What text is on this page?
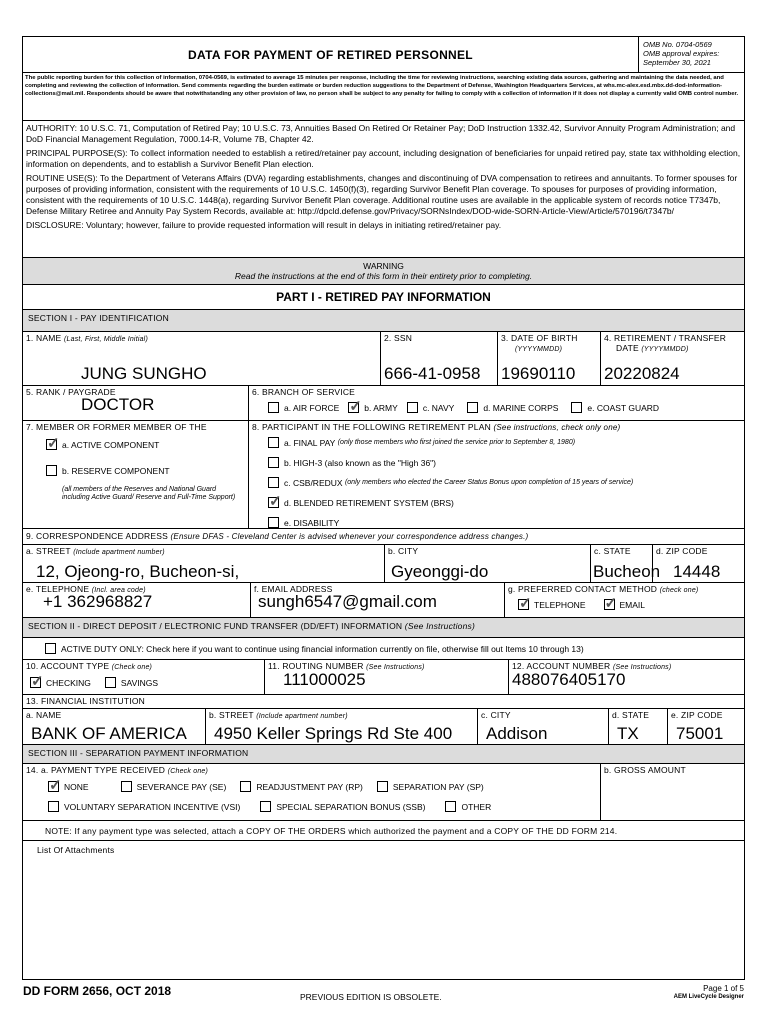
DATA FOR PAYMENT OF RETIRED PERSONNEL
OMB No. 0704-0569
OMB approval expires:
September 30, 2021
The public reporting burden for this collection of information, 0704-0569, is estimated to average 15 minutes per response, including the time for reviewing instructions, searching existing data sources, gathering and maintaining the data needed, and completing and reviewing the collection of information. Send comments regarding the burden estimate or burden reduction suggestions to the Department of Defense, Washington Headquarters Services, at whs.mc-alex.esd.mbx.dd-dod-information-collections@mail.mil. Respondents should be aware that notwithstanding any other provision of law, no person shall be subject to any penalty for failing to comply with a collection of information if it does not display a currently valid OMB control number.

AUTHORITY: 10 U.S.C. 71, Computation of Retired Pay; 10 U.S.C. 73, Annuities Based On Retired Or Retainer Pay; DoD Instruction 1332.42, Survivor Annuity Program Administration; and DoD Financial Management Regulation, 7000.14-R, Volume 7B, Chapter 42.

PRINCIPAL PURPOSE(S): To collect information needed to establish a retired/retainer pay account, including designation of beneficiaries for unpaid retired pay, state tax withholding election, information on dependents, and to establish a Survivor Benefit Plan election.

ROUTINE USE(S): To the Department of Veterans Affairs (DVA) regarding establishments, changes and discontinuing of DVA compensation to retirees and annuitants. To former spouses for purposes of providing information, consistent with the requirements of 10 U.S.C. 1450(f)(3), regarding Survivor Benefit Plan coverage. To spouses for purposes of providing information, consistent with the requirements of 10 U.S.C. 1448(a), regarding Survivor Benefit Plan coverage. Additional routine uses are available in the applicable system of records notice T7347b, Defense Military Retiree and Annuity Pay System Records, available at: http://dpcld.defense.gov/Privacy/SORNsIndex/DOD-wide-SORN-Article-View/Article/570196/t7347b/

DISCLOSURE: Voluntary; however, failure to provide requested information will result in delays in initiating retired/retainer pay.

WARNING
Read the instructions at the end of this form in their entirety prior to completing.
PART I - RETIRED PAY INFORMATION
SECTION I - PAY IDENTIFICATION
1. NAME (Last, First, Middle Initial)
JUNG SUNGHO
2. SSN
666-41-0958
3. DATE OF BIRTH
(YYYYMMDD)
19690110
4. RETIREMENT / TRANSFER
DATE (YYYYMMDD)
20220824
5. RANK / PAYGRADE
DOCTOR
6. BRANCH OF SERVICE
a. AIR FORCE ✓	b. ARMY	c. NAVY	d. MARINE CORPS	e. COAST GUARD
7. MEMBER OR FORMER MEMBER OF THE
✓
a. ACTIVE COMPONENT

b. RESERVE COMPONENT
(all members of the Reserves and National Guard including Active Guard/ Reserve and Full-Time Support)
8. PARTICIPANT IN THE FOLLOWING RETIREMENT PLAN (See instructions, check only one)
a. FINAL PAY
(only those members who first joined the service prior to September 8, 1980)

b. HIGH-3 (also known as the "High 36")

c. CSB/REDUX
(only members who elected the Career Status Bonus upon completion of 15 years of service)

✓
d. BLENDED RETIREMENT SYSTEM (BRS)

e. DISABILITY
9. CORRESPONDENCE ADDRESS (Ensure DFAS - Cleveland Center is advised whenever your correspondence address changes.)
a. STREET (Include apartment number)
12, Ojeong-ro, Bucheon-si,
b. CITY
Gyeonggi-do
c. STATE
Bucheon
d. ZIP CODE
14448
e. TELEPHONE (Incl. area code)
+1 362968827
f. EMAIL ADDRESS
sungh6547@gmail.com
g. PREFERRED CONTACT METHOD (check one)
✓
TELEPHONE ✓	EMAIL
SECTION II - DIRECT DEPOSIT / ELECTRONIC FUND TRANSFER (DD/EFT) INFORMATION
(See Instructions)
ACTIVE DUTY ONLY: Check here if you want to continue using financial information currently on file, otherwise fill out Items 10 through 13)
10. ACCOUNT TYPE (Check one)
✓
CHECKING	SAVINGS
11. ROUTING NUMBER (See Instructions)
111000025
12. ACCOUNT NUMBER (See Instructions)
488076405170
13. FINANCIAL INSTITUTION
a. NAME
BANK OF AMERICA
b. STREET (Include apartment number)
4950 Keller Springs Rd Ste 400
c. CITY
Addison
d. STATE
TX
e. ZIP CODE
75001
SECTION III - SEPARATION PAYMENT INFORMATION
14. a. PAYMENT TYPE RECEIVED (Check one)
✓
NONE	SEVERANCE PAY (SE)	READJUSTMENT PAY (RP)	SEPARATION PAY (SP)
VOLUNTARY SEPARATION INCENTIVE (VSI)	SPECIAL SEPARATION BONUS (SSB)	OTHER
b. GROSS AMOUNT
NOTE: If any payment type was selected, attach a COPY OF THE ORDERS which authorized the payment and a COPY OF THE DD FORM 214.
List Of Attachments
DD FORM 2656, OCT 2018	PREVIOUS EDITION IS OBSOLETE.
Page 1 of 5
AEM LiveCycle Designer
